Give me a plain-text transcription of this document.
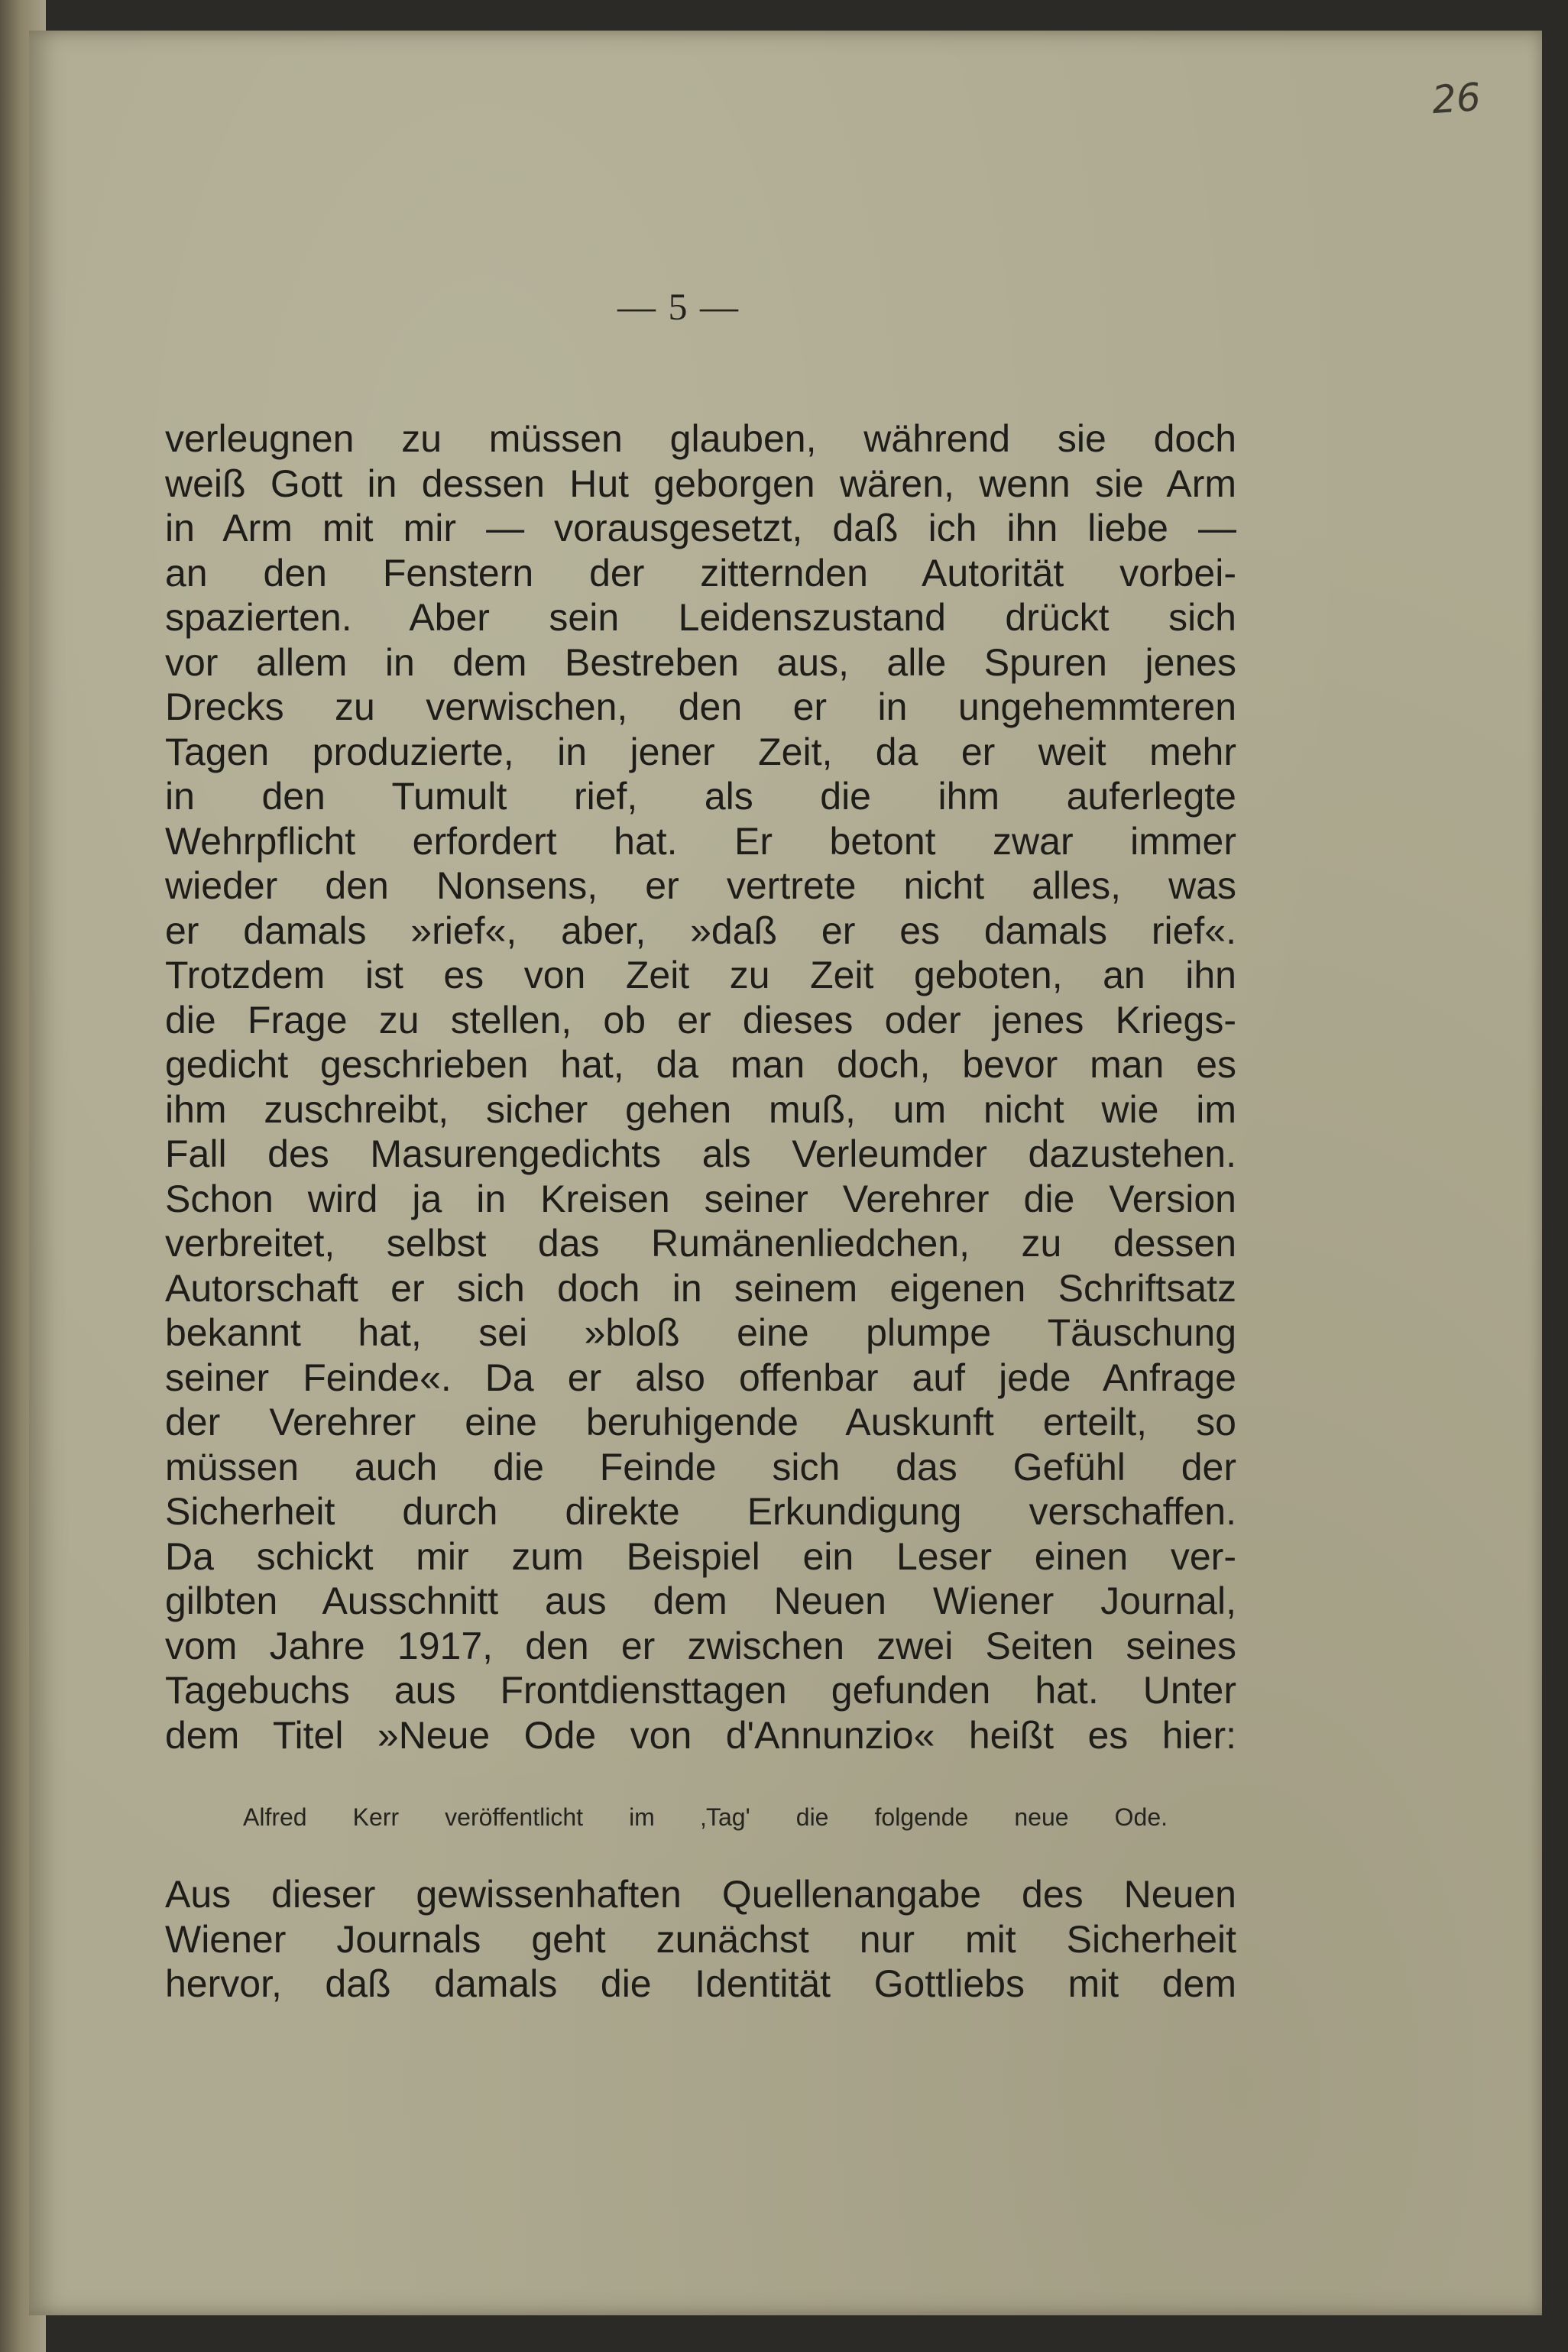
26
— 5 —
verleugnen zu müssen glauben, während sie doch
weiß Gott in dessen Hut geborgen wären, wenn sie Arm
in Arm mit mir — vorausgesetzt, daß ich ihn liebe —
an den Fenstern der zitternden Autorität vorbei-
spazierten. Aber sein Leidenszustand drückt sich
vor allem in dem Bestreben aus, alle Spuren jenes
Drecks zu verwischen, den er in ungehemmteren
Tagen produzierte, in jener Zeit, da er weit mehr
in den Tumult rief, als die ihm auferlegte
Wehrpflicht erfordert hat. Er betont zwar immer
wieder den Nonsens, er vertrete nicht alles, was
er damals »rief«, aber, »daß er es damals rief«.
Trotzdem ist es von Zeit zu Zeit geboten, an ihn
die Frage zu stellen, ob er dieses oder jenes Kriegs-
gedicht geschrieben hat, da man doch, bevor man es
ihm zuschreibt, sicher gehen muß, um nicht wie im
Fall des Masurengedichts als Verleumder dazustehen.
Schon wird ja in Kreisen seiner Verehrer die Version
verbreitet, selbst das Rumänenliedchen, zu dessen
Autorschaft er sich doch in seinem eigenen Schriftsatz
bekannt hat, sei »bloß eine plumpe Täuschung
seiner Feinde«. Da er also offenbar auf jede Anfrage
der Verehrer eine beruhigende Auskunft erteilt, so
müssen auch die Feinde sich das Gefühl der
Sicherheit durch direkte Erkundigung verschaffen.
Da schickt mir zum Beispiel ein Leser einen ver-
gilbten Ausschnitt aus dem Neuen Wiener Journal,
vom Jahre 1917, den er zwischen zwei Seiten seines
Tagebuchs aus Frontdiensttagen gefunden hat. Unter
dem Titel »Neue Ode von d'Annunzio« heißt es hier:
Alfred Kerr veröffentlicht im ‚Tag' die folgende neue Ode.
Aus dieser gewissenhaften Quellenangabe des Neuen
Wiener Journals geht zunächst nur mit Sicherheit
hervor, daß damals die Identität Gottliebs mit dem
